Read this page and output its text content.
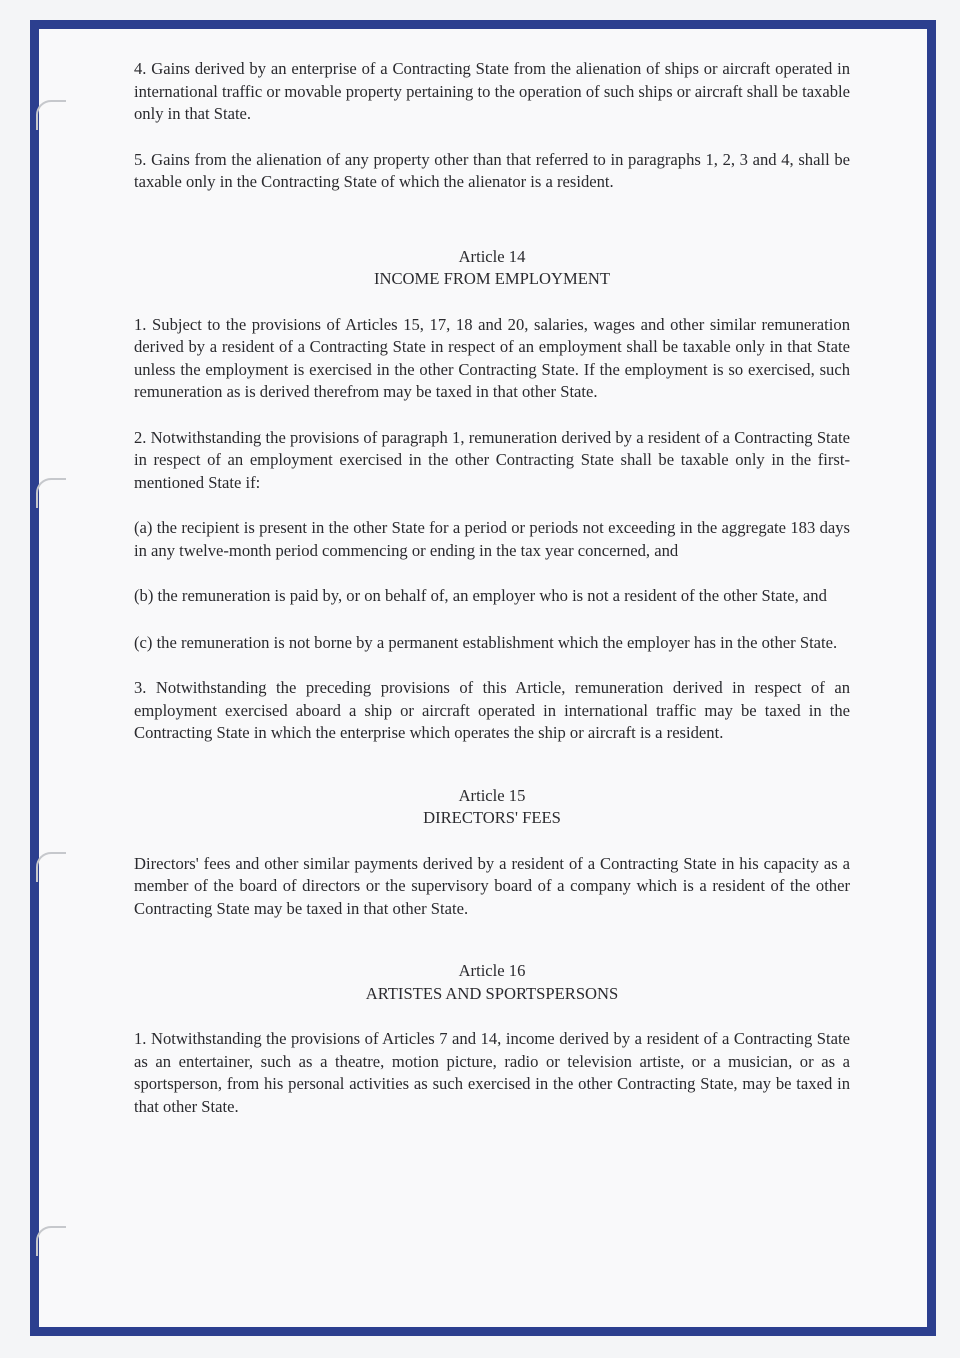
4. Gains derived by an enterprise of a Contracting State from the alienation of ships or aircraft operated in international traffic or movable property pertaining to the operation of such ships or aircraft shall be taxable only in that State.

5. Gains from the alienation of any property other than that referred to in paragraphs 1, 2, 3 and 4, shall be taxable only in the Contracting State of which the alienator is a resident.

Article 14

INCOME FROM EMPLOYMENT

1. Subject to the provisions of Articles 15, 17, 18 and 20, salaries, wages and other similar remuneration derived by a resident of a Contracting State in respect of an employment shall be taxable only in that State unless the employment is exercised in the other Contracting State. If the employment is so exercised, such remuneration as is derived therefrom may be taxed in that other State.

2. Notwithstanding the provisions of paragraph 1, remuneration derived by a resident of a Contracting State in respect of an employment exercised in the other Contracting State shall be taxable only in the first-mentioned State if:

(a) the recipient is present in the other State for a period or periods not exceeding in the aggregate 183 days in any twelve-month period commencing or ending in the tax year concerned, and

(b) the remuneration is paid by, or on behalf of, an employer who is not a resident of the other State, and

(c) the remuneration is not borne by a permanent establishment which the employer has in the other State.

3. Notwithstanding the preceding provisions of this Article, remuneration derived in respect of an employment exercised aboard a ship or aircraft operated in international traffic may be taxed in the Contracting State in which the enterprise which operates the ship or aircraft is a resident.

Article 15

DIRECTORS' FEES

Directors' fees and other similar payments derived by a resident of a Contracting State in his capacity as a member of the board of directors or the supervisory board of a company which is a resident of the other Contracting State may be taxed in that other State.

Article 16

ARTISTES AND SPORTSPERSONS

1. Notwithstanding the provisions of Articles 7 and 14, income derived by a resident of a Contracting State as an entertainer, such as a theatre, motion picture, radio or television artiste, or a musician, or as a sportsperson, from his personal activities as such exercised in the other Contracting State, may be taxed in that other State.
